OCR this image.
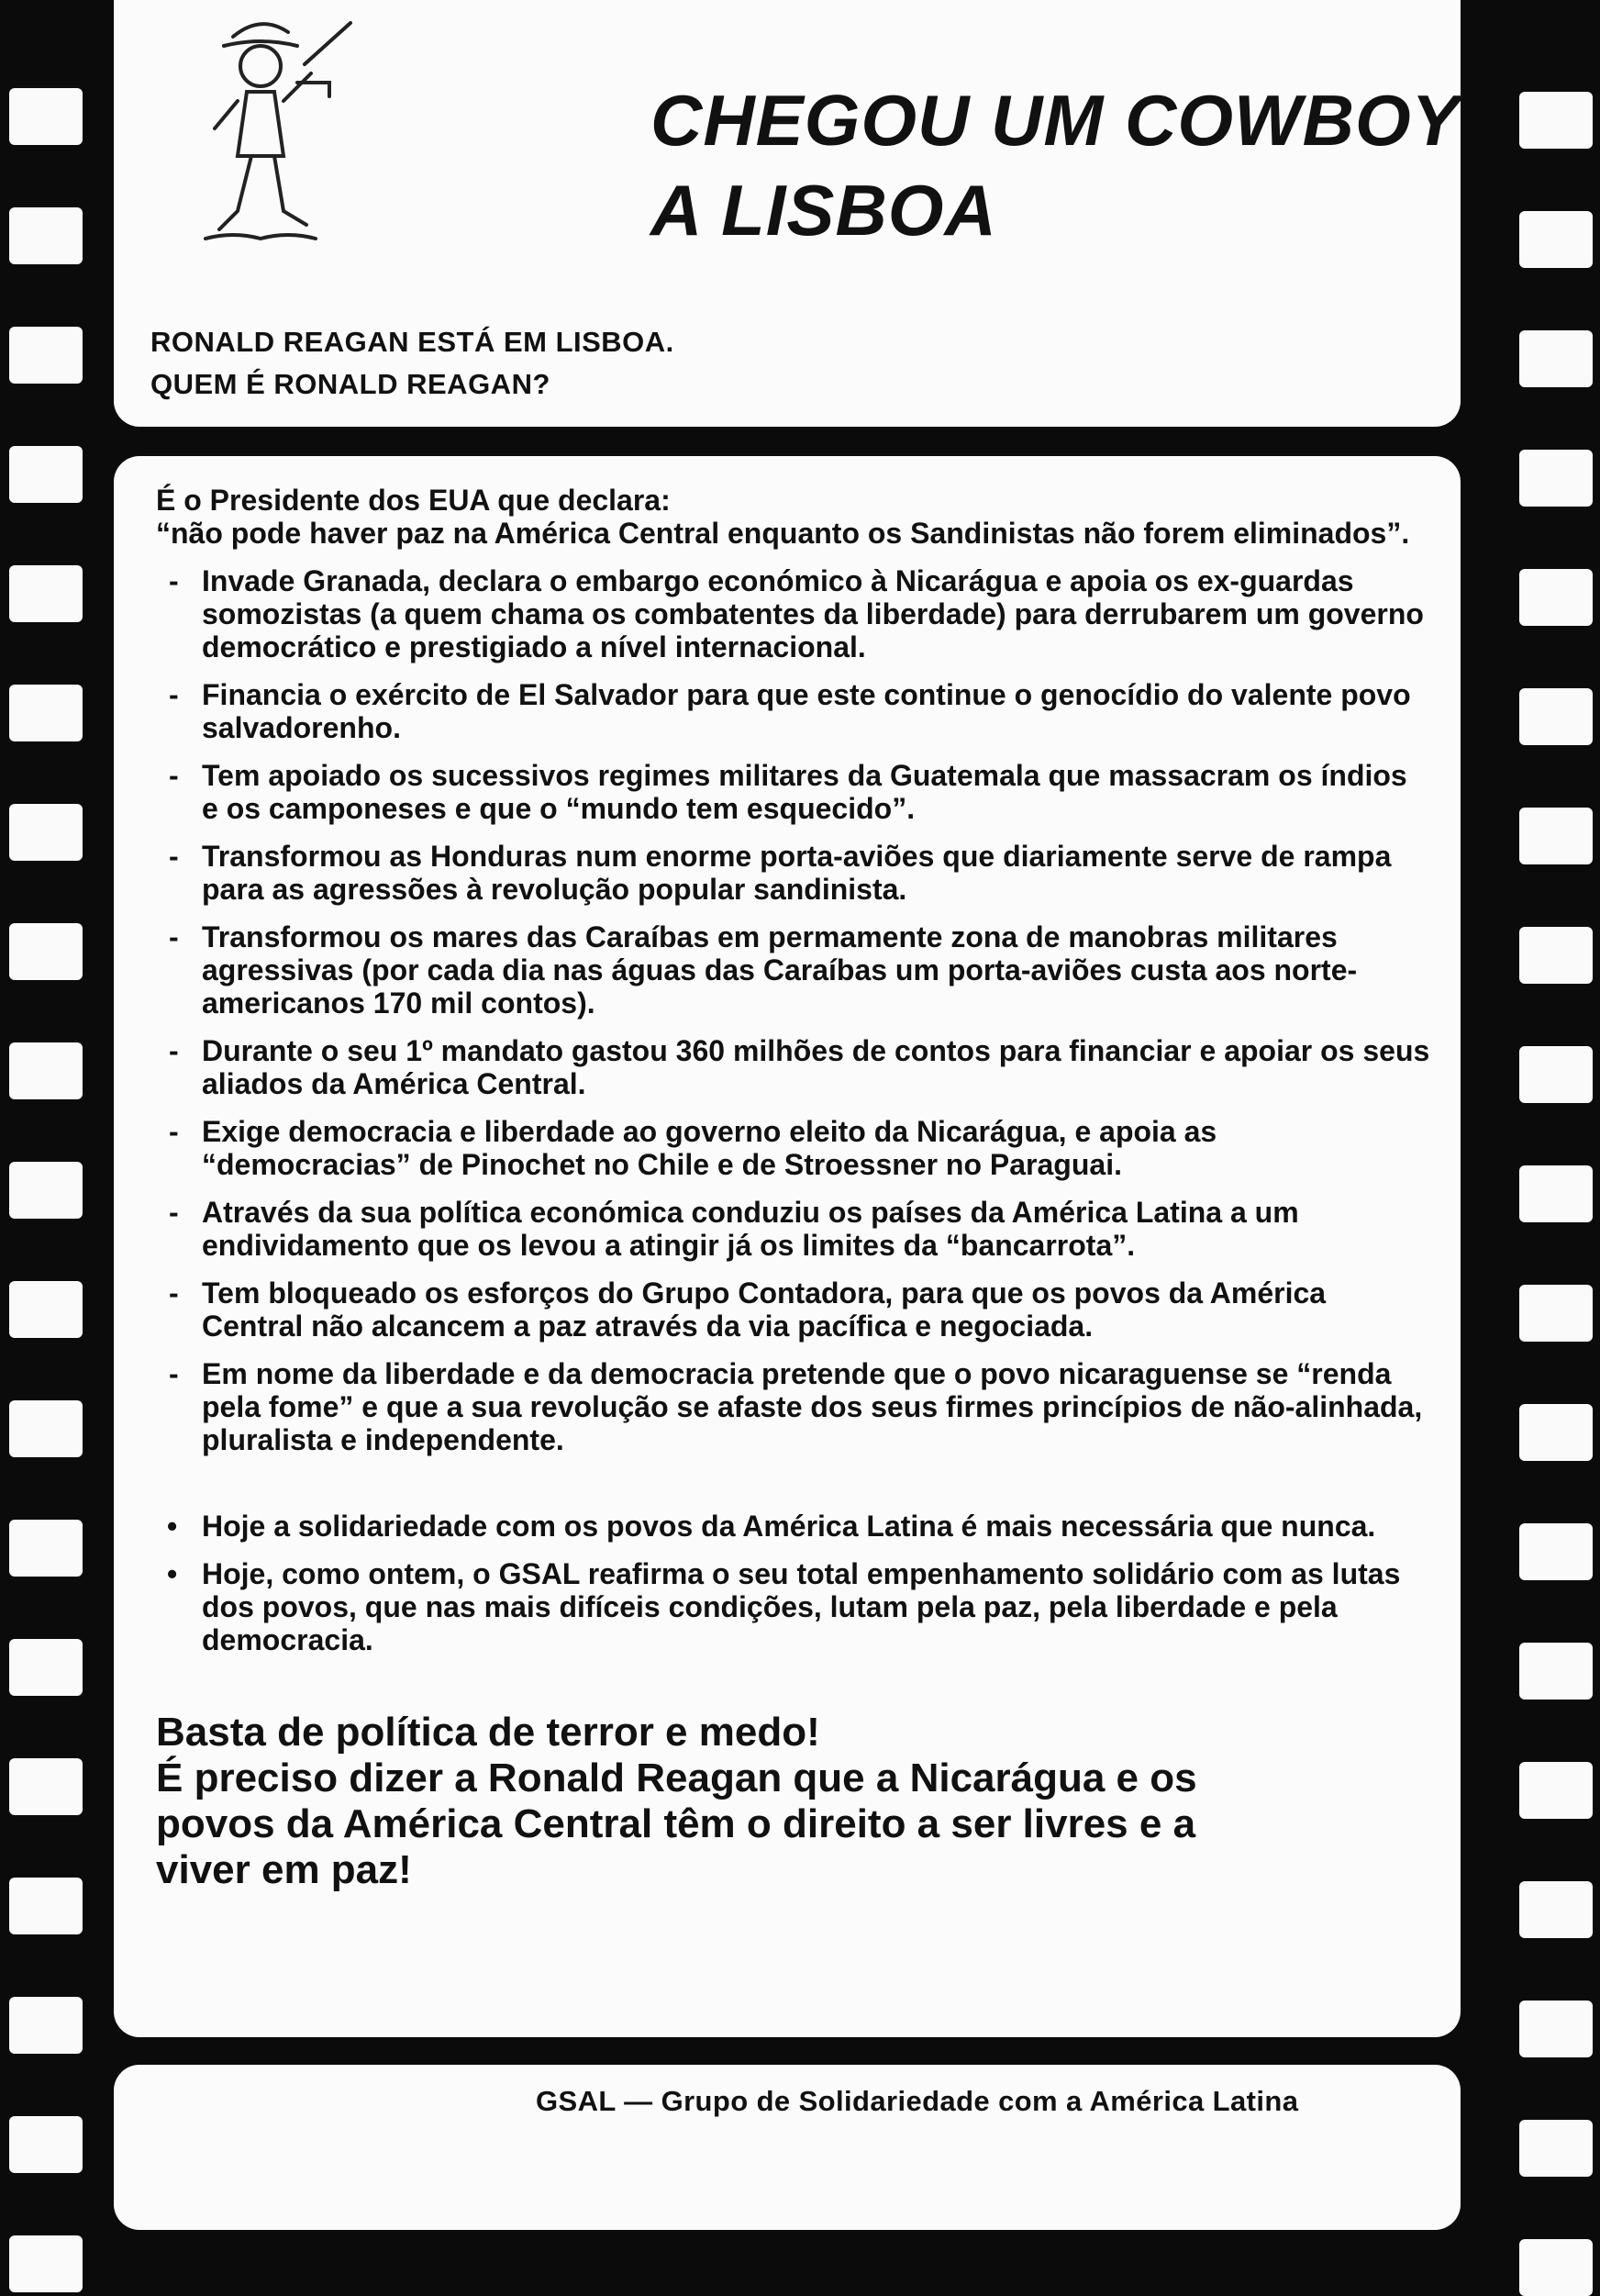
CHEGOU UM COWBOY
A LISBOA
RONALD REAGAN ESTÁ EM LISBOA.
QUEM É RONALD REAGAN?
É o Presidente dos EUA que declara:
“não pode haver paz na América Central enquanto os Sandinistas não forem eliminados”.
- Invade Granada, declara o embargo económico à Nicarágua e apoia os ex-guardas somozistas (a quem chama os combatentes da liberdade) para derrubarem um governo democrático e prestigiado a nível internacional.
- Financia o exército de El Salvador para que este continue o genocídio do valente povo salvadorenho.
- Tem apoiado os sucessivos regimes militares da Guatemala que massacram os índios e os camponeses e que o “mundo tem esquecido”.
- Transformou as Honduras num enorme porta-aviões que diariamente serve de rampa para as agressões à revolução popular sandinista.
- Transformou os mares das Caraíbas em permamente zona de manobras militares agressivas (por cada dia nas águas das Caraíbas um porta-aviões custa aos norte-americanos 170 mil contos).
- Durante o seu 1º mandato gastou 360 milhões de contos para financiar e apoiar os seus aliados da América Central.
- Exige democracia e liberdade ao governo eleito da Nicarágua, e apoia as “democracias” de Pinochet no Chile e de Stroessner no Paraguai.
- Através da sua política económica conduziu os países da América Latina a um endividamento que os levou a atingir já os limites da “bancarrota”.
- Tem bloqueado os esforços do Grupo Contadora, para que os povos da América Central não alcancem a paz através da via pacífica e negociada.
- Em nome da liberdade e da democracia pretende que o povo nicaraguense se “renda pela fome” e que a sua revolução se afaste dos seus firmes princípios de não-alinhada, pluralista e independente.
• Hoje a solidariedade com os povos da América Latina é mais necessária que nunca.
• Hoje, como ontem, o GSAL reafirma o seu total empenhamento solidário com as lutas dos povos, que nas mais difíceis condições, lutam pela paz, pela liberdade e pela democracia.
Basta de política de terror e medo!
É preciso dizer a Ronald Reagan que a Nicarágua e os
povos da América Central têm o direito a ser livres e a
viver em paz!
GSAL — Grupo de Solidariedade com a América Latina
